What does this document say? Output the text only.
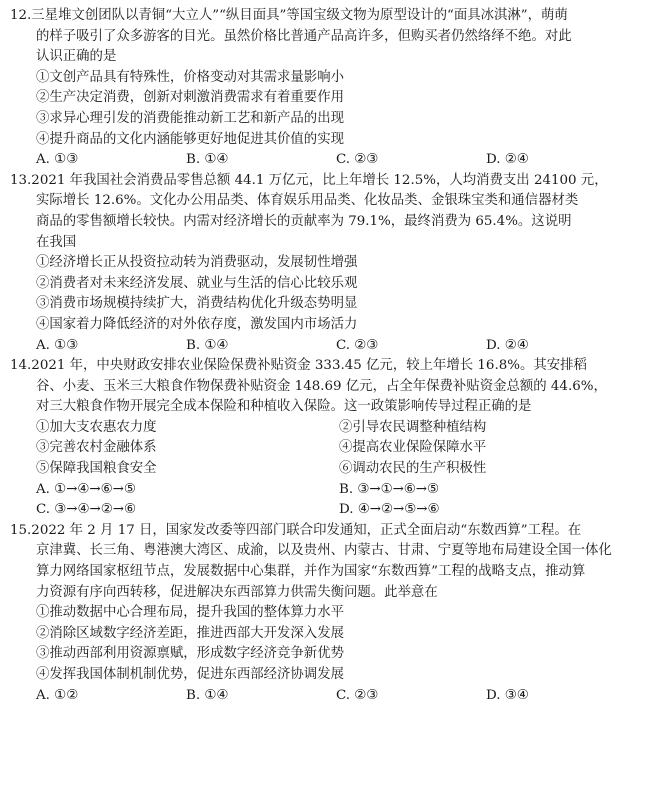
12.三星堆文创团队以青铜“大立人”“纵目面具”等国宝级文物为原型设计的“面具冰淇淋”，萌萌
的样子吸引了众多游客的目光。虽然价格比普通产品高许多，但购买者仍然络绎不绝。对此
认识正确的是
①文创产品具有特殊性，价格变动对其需求量影响小
②生产决定消费，创新对刺激消费需求有着重要作用
③求异心理引发的消费能推动新工艺和新产品的出现
④提升商品的文化内涵能够更好地促进其价值的实现
A. ①③	B. ①④	C. ②③	D. ②④
13.2021 年我国社会消费品零售总额 44.1 万亿元，比上年增长 12.5%，人均消费支出 24100 元，
实际增长 12.6%。文化办公用品类、体育娱乐用品类、化妆品类、金银珠宝类和通信器材类
商品的零售额增长较快。内需对经济增长的贡献率为 79.1%，最终消费为 65.4%。这说明
在我国
①经济增长正从投资拉动转为消费驱动，发展韧性增强
②消费者对未来经济发展、就业与生活的信心比较乐观
③消费市场规模持续扩大，消费结构优化升级态势明显
④国家着力降低经济的对外依存度，激发国内市场活力
A. ①③	B. ①④	C. ②③	D. ②④
14.2021 年，中央财政安排农业保险保费补贴资金 333.45 亿元，较上年增长 16.8%。其安排稻
谷、小麦、玉米三大粮食作物保费补贴资金 148.69 亿元，占全年保费补贴资金总额的 44.6%，
对三大粮食作物开展完全成本保险和种植收入保险。这一政策影响传导过程正确的是
①加大支农惠农力度	②引导农民调整种植结构
③完善农村金融体系	④提高农业保险保障水平
⑤保障我国粮食安全	⑥调动农民的生产积极性
A. ①→④→⑥→⑤	B. ③→①→⑥→⑤
C. ③→④→②→⑥	D. ④→②→⑤→⑥
15.2022 年 2 月 17 日，国家发改委等四部门联合印发通知，正式全面启动“东数西算”工程。在
京津冀、长三角、粤港澳大湾区、成渝，以及贵州、内蒙古、甘肃、宁夏等地布局建设全国一体化
算力网络国家枢纽节点，发展数据中心集群，并作为国家“东数西算”工程的战略支点，推动算
力资源有序向西转移，促进解决东西部算力供需失衡问题。此举意在
①推动数据中心合理布局，提升我国的整体算力水平
②消除区域数字经济差距，推进西部大开发深入发展
③推动西部利用资源禀赋，形成数字经济竞争新优势
④发挥我国体制机制优势，促进东西部经济协调发展
A. ①②	B. ①④	C. ②③	D. ③④
